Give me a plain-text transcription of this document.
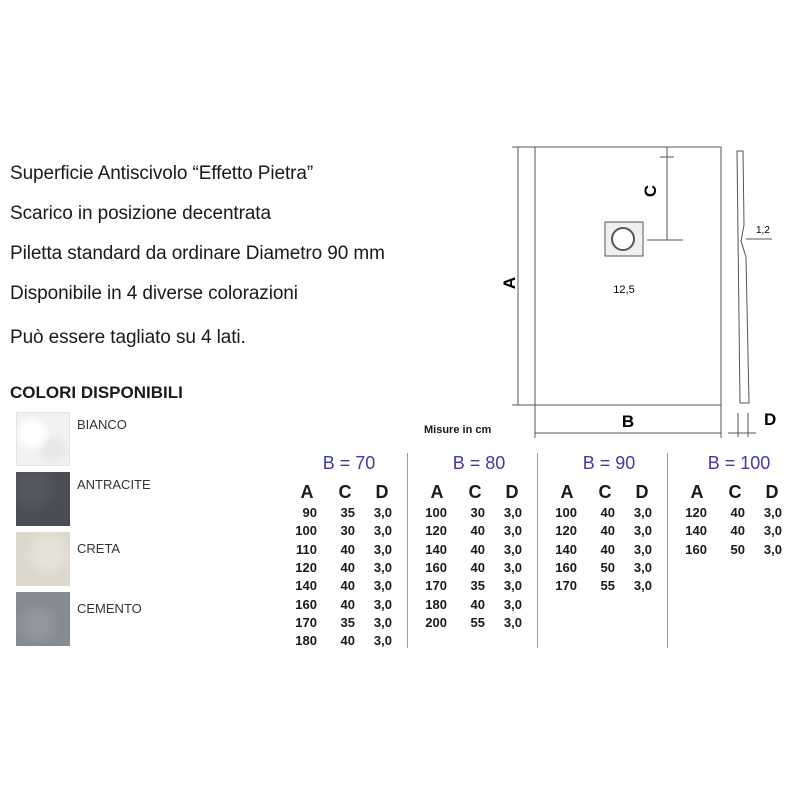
Superficie Antiscivolo “Effetto Pietra”
Scarico in posizione decentrata
Piletta standard da ordinare Diametro 90 mm
Disponibile in 4 diverse colorazioni
Può essere tagliato su 4 lati.
COLORI DISPONIBILI
BIANCO
ANTRACITE
CRETA
CEMENTO
A
C
12,5
B
1,2
D
Misure in cm
B = 70	B = 80	B = 90	B = 100
A	C	D
90	35	3,0
100	30	3,0
110	40	3,0
120	40	3,0
140	40	3,0
160	40	3,0
170	35	3,0
180	40	3,0
A	C	D
100	30	3,0
120	40	3,0
140	40	3,0
160	40	3,0
170	35	3,0
180	40	3,0
200	55	3,0
A	C	D
100	40	3,0
120	40	3,0
140	40	3,0
160	50	3,0
170	55	3,0
A	C	D
120	40	3,0
140	40	3,0
160	50	3,0
